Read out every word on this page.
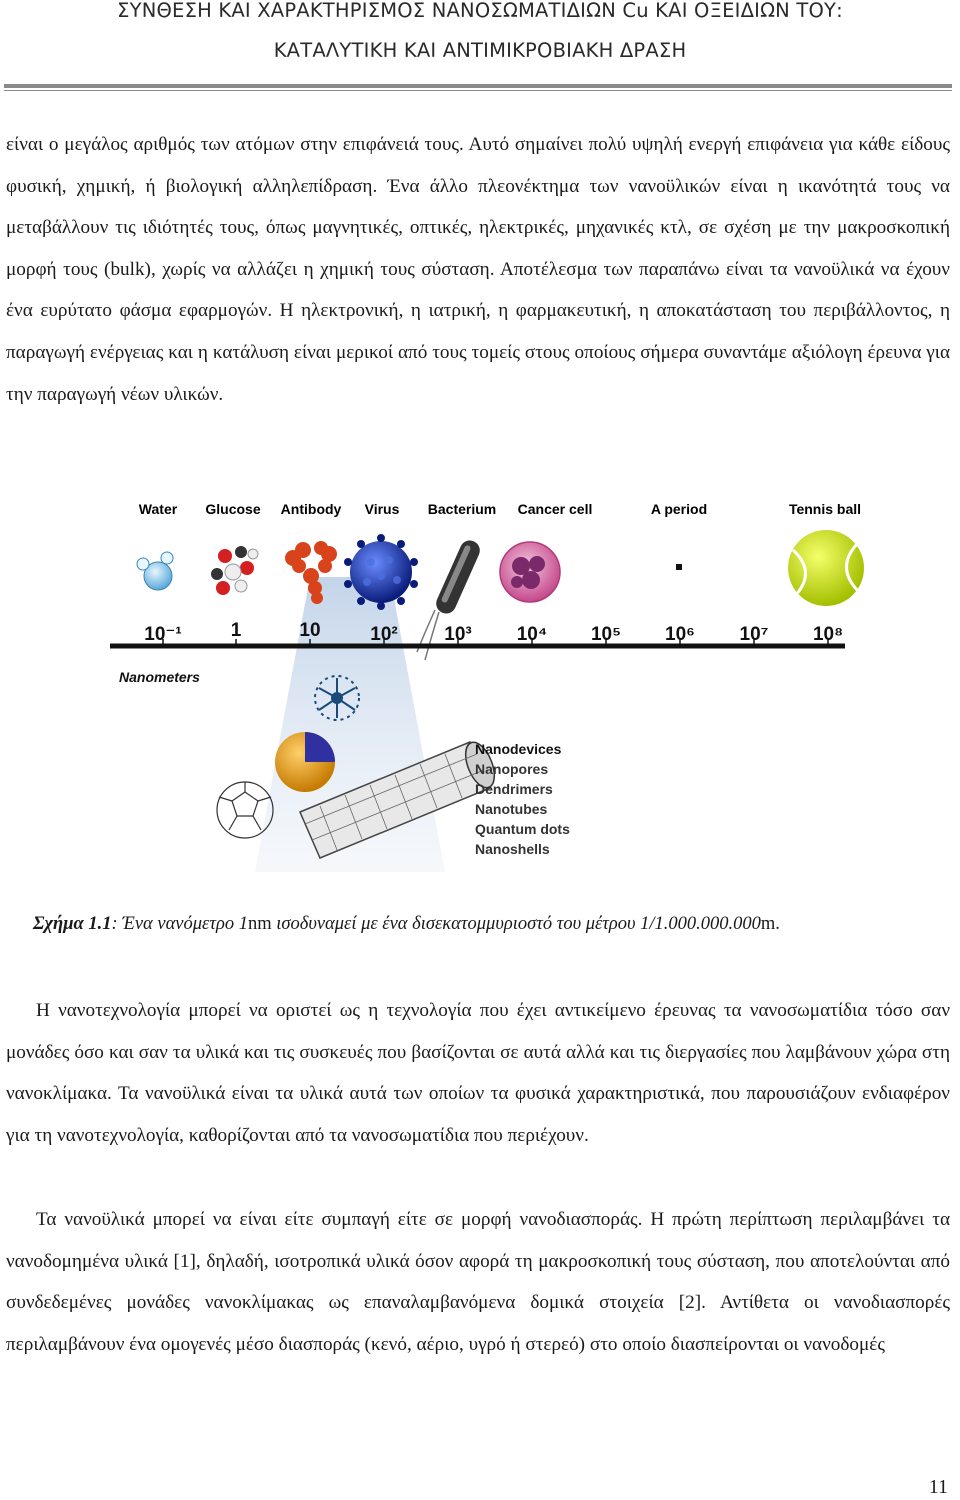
ΣΥΝΘΕΣΗ ΚΑΙ ΧΑΡΑΚΤΗΡΙΣΜΟΣ ΝΑΝΟΣΩΜΑΤΙΔΙΩΝ Cu ΚΑΙ ΟΞΕΙΔΙΩΝ ΤΟΥ:
ΚΑΤΑΛΥΤΙΚΗ ΚΑΙ ΑΝΤΙΜΙΚΡΟΒΙΑΚΗ ΔΡΑΣΗ

είναι ο μεγάλος αριθμός των ατόμων στην επιφάνειά τους. Αυτό σημαίνει πολύ υψηλή ενεργή επιφάνεια για κάθε είδους φυσική, χημική, ή βιολογική αλληλεπίδραση. Ένα άλλο πλεονέκτημα των νανοϋλικών είναι η ικανότητά τους να μεταβάλλουν τις ιδιότητές τους, όπως μαγνητικές, οπτικές, ηλεκτρικές, μηχανικές κτλ, σε σχέση με την μακροσκοπική μορφή τους (bulk), χωρίς να αλλάζει η χημική τους σύσταση. Αποτέλεσμα των παραπάνω είναι τα νανοϋλικά να έχουν ένα ευρύτατο φάσμα εφαρμογών. Η ηλεκτρονική, η ιατρική, η φαρμακευτική, η αποκατάσταση του περιβάλλοντος, η παραγωγή ενέργειας και η κατάλυση είναι μερικοί από τους τομείς στους οποίους σήμερα συναντάμε αξιόλογη έρευνα για την παραγωγή νέων υλικών.

Water Glucose Antibody Virus Bacterium Cancer cell	A period	Tennis ball
10⁻¹	1	10	10² 10³ 10⁴ 10⁵ 10⁶ 10⁷ 10⁸
Nanometers
Nanodevices
Nanopores
Dendrimers
Nanotubes
Quantum dots
Nanoshells
Σχήμα 1.1: Ένα νανόμετρο 1nm ισοδυναμεί με ένα δισεκατομμυριοστό του μέτρου 1/1.000.000.000m.

Η νανοτεχνολογία μπορεί να οριστεί ως η τεχνολογία που έχει αντικείμενο έρευνας τα νανοσωματίδια τόσο σαν μονάδες όσο και σαν τα υλικά και τις συσκευές που βασίζονται σε αυτά αλλά και τις διεργασίες που λαμβάνουν χώρα στη νανοκλίμακα. Τα νανοϋλικά είναι τα υλικά αυτά των οποίων τα φυσικά χαρακτηριστικά, που παρουσιάζουν ενδιαφέρον για τη νανοτεχνολογία, καθορίζονται από τα νανοσωματίδια που περιέχουν.

Τα νανοϋλικά μπορεί να είναι είτε συμπαγή είτε σε μορφή νανοδιασποράς. Η πρώτη περίπτωση περιλαμβάνει τα νανοδομημένα υλικά [1], δηλαδή, ισοτροπικά υλικά όσον αφορά τη μακροσκοπική τους σύσταση, που αποτελούνται από συνδεδεμένες μονάδες νανοκλίμακας ως επαναλαμβανόμενα δομικά στοιχεία [2]. Αντίθετα οι νανοδιασπορές περιλαμβάνουν ένα ομογενές μέσο διασποράς (κενό, αέριο, υγρό ή στερεό) στο οποίο διασπείρονται οι νανοδομές

11
